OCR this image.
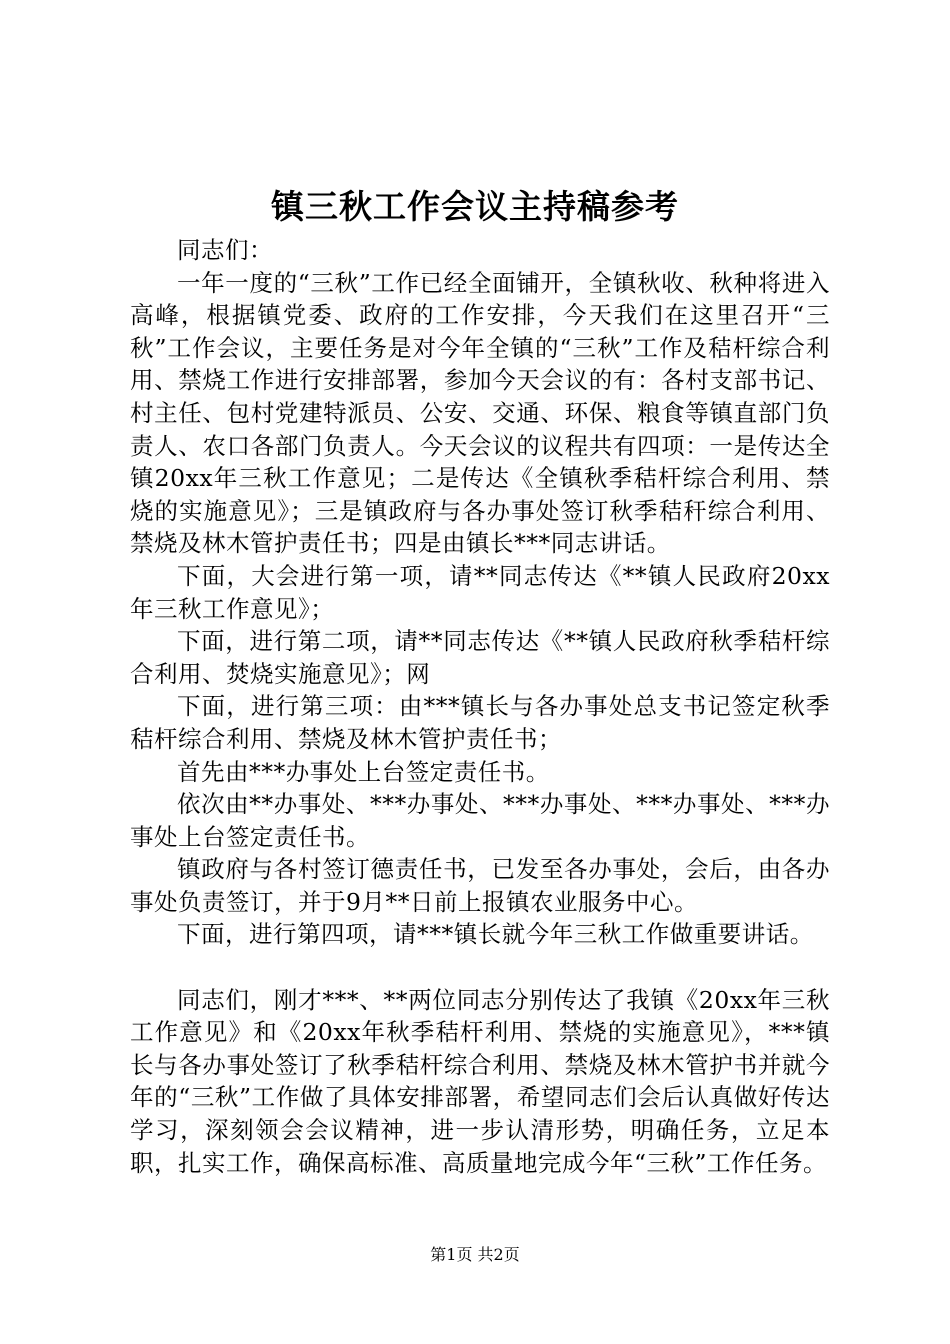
镇三秋工作会议主持稿参考

同志们：

一年一度的“三秋”工作已经全面铺开，全镇秋收、秋种将进入高峰，根据镇党委、政府的工作安排，今天我们在这里召开“三秋”工作会议，主要任务是对今年全镇的“三秋”工作及秸杆综合利用、禁烧工作进行安排部署，参加今天会议的有：各村支部书记、村主任、包村党建特派员、公安、交通、环保、粮食等镇直部门负责人、农口各部门负责人。今天会议的议程共有四项：一是传达全镇20xx年三秋工作意见；二是传达《全镇秋季秸杆综合利用、禁烧的实施意见》；三是镇政府与各办事处签订秋季秸秆综合利用、禁烧及林木管护责任书；四是由镇长***同志讲话。

下面，大会进行第一项，请**同志传达《**镇人民政府20xx年三秋工作意见》；

下面，进行第二项，请**同志传达《**镇人民政府秋季秸杆综合利用、焚烧实施意见》；网

下面，进行第三项：由***镇长与各办事处总支书记签定秋季秸杆综合利用、禁烧及林木管护责任书；

首先由***办事处上台签定责任书。

依次由**办事处、***办事处、***办事处、***办事处、***办事处上台签定责任书。

镇政府与各村签订德责任书，已发至各办事处，会后，由各办事处负责签订，并于9月**日前上报镇农业服务中心。

下面，进行第四项，请***镇长就今年三秋工作做重要讲话。

同志们，刚才***、**两位同志分别传达了我镇《20xx年三秋工作意见》和《20xx年秋季秸杆利用、禁烧的实施意见》，***镇长与各办事处签订了秋季秸杆综合利用、禁烧及林木管护书并就今年的“三秋”工作做了具体安排部署，希望同志们会后认真做好传达学习，深刻领会会议精神，进一步认清形势，明确任务，立足本职，扎实工作，确保高标准、高质量地完成今年“三秋”工作任务。

第1页 共2页
